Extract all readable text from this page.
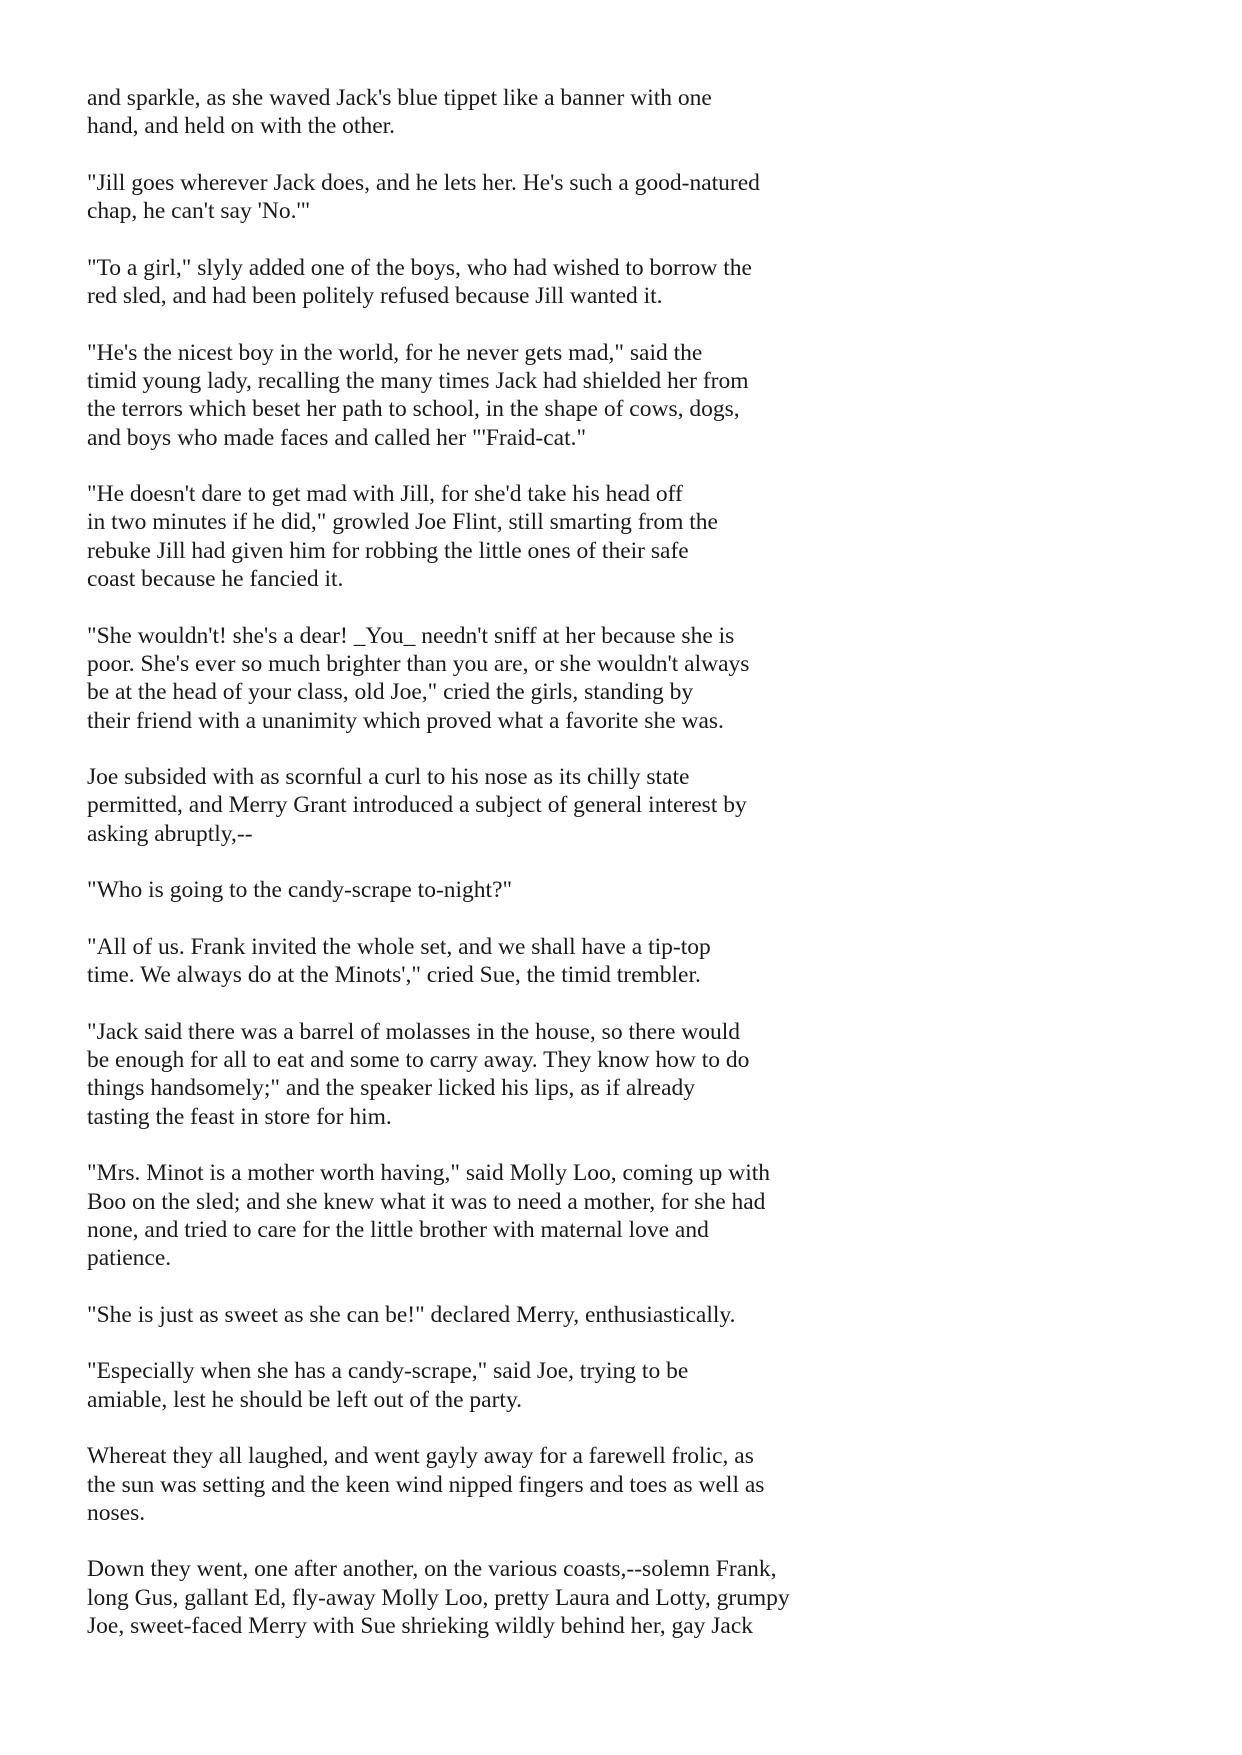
and sparkle, as she waved Jack's blue tippet like a banner with one
hand, and held on with the other.

"Jill goes wherever Jack does, and he lets her. He's such a good-natured
chap, he can't say 'No.'"

"To a girl," slyly added one of the boys, who had wished to borrow the
red sled, and had been politely refused because Jill wanted it.

"He's the nicest boy in the world, for he never gets mad," said the
timid young lady, recalling the many times Jack had shielded her from
the terrors which beset her path to school, in the shape of cows, dogs,
and boys who made faces and called her "'Fraid-cat."

"He doesn't dare to get mad with Jill, for she'd take his head off
in two minutes if he did," growled Joe Flint, still smarting from the
rebuke Jill had given him for robbing the little ones of their safe
coast because he fancied it.

"She wouldn't! she's a dear! _You_ needn't sniff at her because she is
poor. She's ever so much brighter than you are, or she wouldn't always
be at the head of your class, old Joe," cried the girls, standing by
their friend with a unanimity which proved what a favorite she was.

Joe subsided with as scornful a curl to his nose as its chilly state
permitted, and Merry Grant introduced a subject of general interest by
asking abruptly,--

"Who is going to the candy-scrape to-night?"

"All of us. Frank invited the whole set, and we shall have a tip-top
time. We always do at the Minots'," cried Sue, the timid trembler.

"Jack said there was a barrel of molasses in the house, so there would
be enough for all to eat and some to carry away. They know how to do
things handsomely;" and the speaker licked his lips, as if already
tasting the feast in store for him.

"Mrs. Minot is a mother worth having," said Molly Loo, coming up with
Boo on the sled; and she knew what it was to need a mother, for she had
none, and tried to care for the little brother with maternal love and
patience.

"She is just as sweet as she can be!" declared Merry, enthusiastically.

"Especially when she has a candy-scrape," said Joe, trying to be
amiable, lest he should be left out of the party.

Whereat they all laughed, and went gayly away for a farewell frolic, as
the sun was setting and the keen wind nipped fingers and toes as well as
noses.

Down they went, one after another, on the various coasts,--solemn Frank,
long Gus, gallant Ed, fly-away Molly Loo, pretty Laura and Lotty, grumpy
Joe, sweet-faced Merry with Sue shrieking wildly behind her, gay Jack
